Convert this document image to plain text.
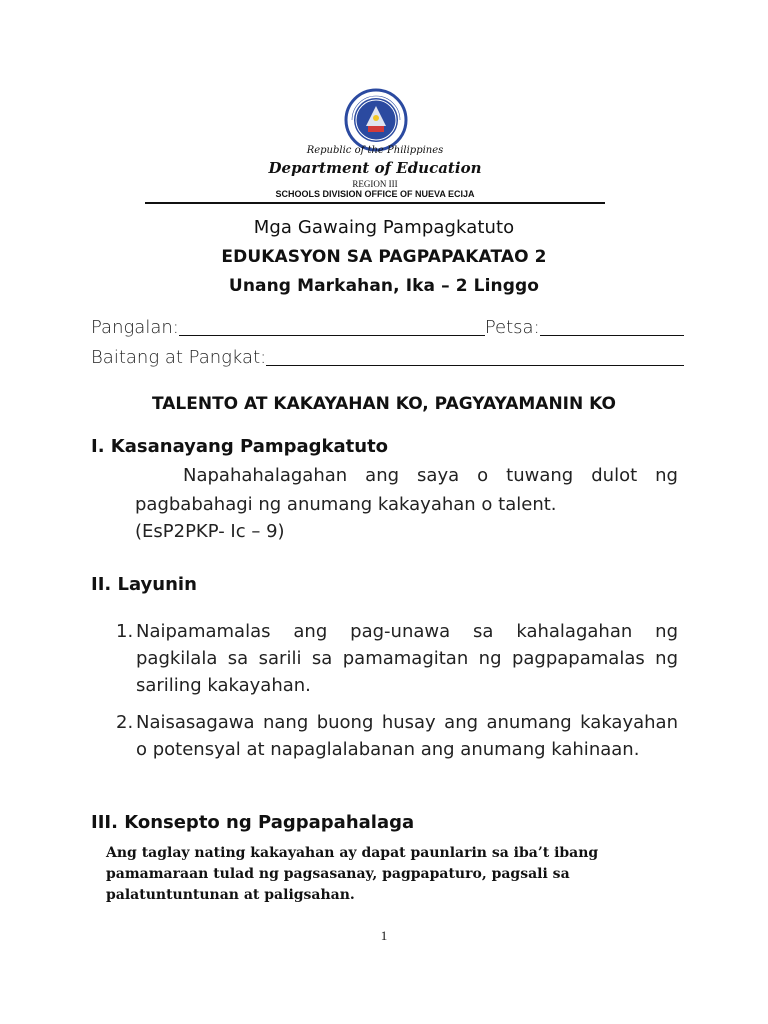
Republic of the Philippines
Department of Education
REGION III
SCHOOLS DIVISION OFFICE OF NUEVA ECIJA
Mga Gawaing Pampagkatuto
EDUKASYON SA PAGPAPAKATAO 2
Unang Markahan, Ika – 2 Linggo
Pangalan:	Petsa:
Baitang at Pangkat:
TALENTO AT KAKAYAHAN KO, PAGYAYAMANIN KO
I. Kasanayang Pampagkatuto
Napahahalagahan ang saya o tuwang dulot ng pagbabahagi ng anumang kakayahan o talent.
(EsP2PKP- Ic – 9)
II. Layunin
1. Naipamamalas ang pag-unawa sa kahalagahan ng pagkilala sa sarili sa pamamagitan ng pagpapamalas ng sariling kakayahan.
2. Naisasagawa nang buong husay ang anumang kakayahan o potensyal at napaglalabanan ang anumang kahinaan.
III. Konsepto ng Pagpapahalaga
Ang taglay nating kakayahan ay dapat paunlarin sa iba’t ibang pamamaraan tulad ng pagsasanay, pagpapaturo, pagsali sa palatuntuntunan at paligsahan.
1
